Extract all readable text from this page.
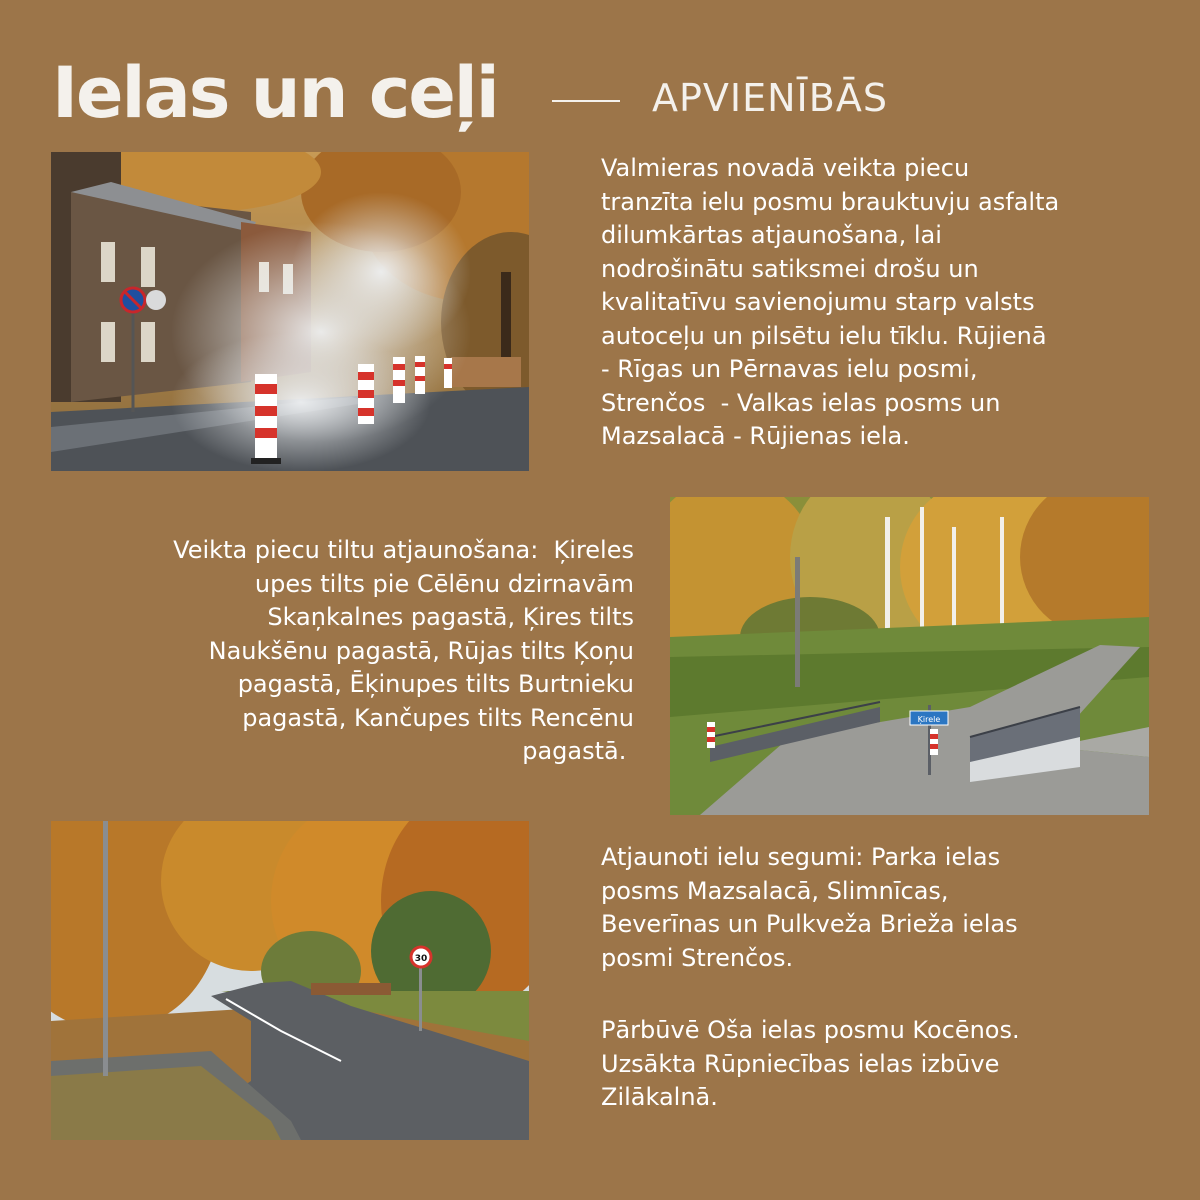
Ielas un ceļi	APVIENĪBĀS
Valmieras novadā veikta piecu
tranzīta ielu posmu brauktuvju asfalta
dilumkārtas atjaunošana, lai
nodrošinātu satiksmei drošu un
kvalitatīvu savienojumu starp valsts
autoceļu un pilsētu ielu tīklu. Rūjienā
- Rīgas un Pērnavas ielu posmi,
Strenčos  - Valkas ielas posms un
Mazsalacā - Rūjienas iela.
Veikta piecu tiltu atjaunošana:  Ķireles
upes tilts pie Cēlēnu dzirnavām
Skaņkalnes pagastā, Ķires tilts
Naukšēnu pagastā, Rūjas tilts Ķoņu
pagastā, Ēķinupes tilts Burtnieku
pagastā, Kančupes tilts Rencēnu
pagastā.
Ķirele
30
Atjaunoti ielu segumi: Parka ielas
posms Mazsalacā, Slimnīcas,
Beverīnas un Pulkveža Brieža ielas
posmi Strenčos.
Pārbūvē Oša ielas posmu Kocēnos.
Uzsākta Rūpniecības ielas izbūve
Zilākalnā.
